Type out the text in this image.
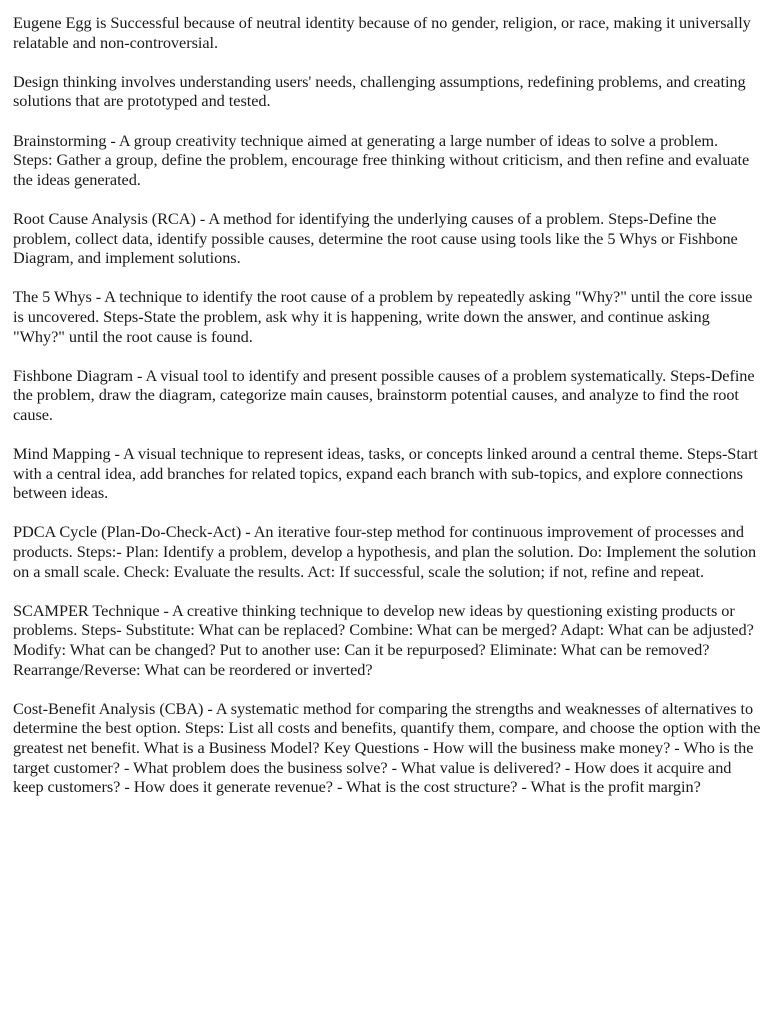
Eugene Egg is Successful because of neutral identity because of no gender, religion, or race, making it universally relatable and non-controversial.

Design thinking involves understanding users' needs, challenging assumptions, redefining problems, and creating solutions that are prototyped and tested.

Brainstorming - A group creativity technique aimed at generating a large number of ideas to solve a problem. Steps: Gather a group, define the problem, encourage free thinking without criticism, and then refine and evaluate the ideas generated.

Root Cause Analysis (RCA) - A method for identifying the underlying causes of a problem. Steps-Define the problem, collect data, identify possible causes, determine the root cause using tools like the 5 Whys or Fishbone Diagram, and implement solutions.

The 5 Whys - A technique to identify the root cause of a problem by repeatedly asking "Why?" until the core issue is uncovered. Steps-State the problem, ask why it is happening, write down the answer, and continue asking "Why?" until the root cause is found.

Fishbone Diagram - A visual tool to identify and present possible causes of a problem systematically. Steps-Define the problem, draw the diagram, categorize main causes, brainstorm potential causes, and analyze to find the root cause.

Mind Mapping - A visual technique to represent ideas, tasks, or concepts linked around a central theme. Steps-Start with a central idea, add branches for related topics, expand each branch with sub-topics, and explore connections between ideas.

PDCA Cycle (Plan-Do-Check-Act) - An iterative four-step method for continuous improvement of processes and products. Steps:- Plan: Identify a problem, develop a hypothesis, and plan the solution. Do: Implement the solution on a small scale. Check: Evaluate the results. Act: If successful, scale the solution; if not, refine and repeat.

SCAMPER Technique - A creative thinking technique to develop new ideas by questioning existing products or problems. Steps- Substitute: What can be replaced? Combine: What can be merged? Adapt: What can be adjusted? Modify: What can be changed? Put to another use: Can it be repurposed? Eliminate: What can be removed? Rearrange/Reverse: What can be reordered or inverted?

Cost-Benefit Analysis (CBA) - A systematic method for comparing the strengths and weaknesses of alternatives to determine the best option. Steps: List all costs and benefits, quantify them, compare, and choose the option with the greatest net benefit. What is a Business Model? Key Questions - How will the business make money? - Who is the target customer? - What problem does the business solve? - What value is delivered? - How does it acquire and keep customers? - How does it generate revenue? - What is the cost structure? - What is the profit margin?
